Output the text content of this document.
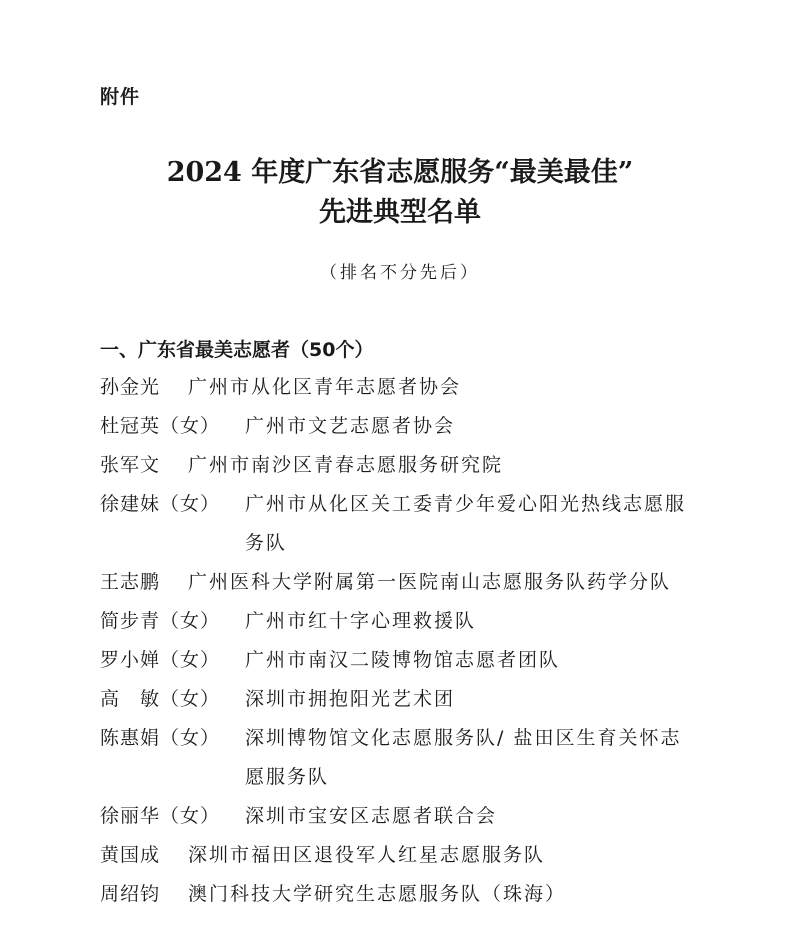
附件
2024 年度广东省志愿服务“最美最佳”
先进典型名单
（排名不分先后）
一、广东省最美志愿者（50个）
孙金光	广州市从化区青年志愿者协会
杜冠英（女）	广州市文艺志愿者协会
张军文	广州市南沙区青春志愿服务研究院
徐建妹（女）	广州市从化区关工委青少年爱心阳光热线志愿服
务队
王志鹏	广州医科大学附属第一医院南山志愿服务队药学分队
简步青（女）	广州市红十字心理救援队
罗小婵（女）	广州市南汉二陵博物馆志愿者团队
高　敏（女）	深圳市拥抱阳光艺术团
陈惠娟（女）	深圳博物馆文化志愿服务队/ 盐田区生育关怀志
愿服务队
徐丽华（女）	深圳市宝安区志愿者联合会
黄国成	深圳市福田区退役军人红星志愿服务队
周绍钧	澳门科技大学研究生志愿服务队（珠海）
